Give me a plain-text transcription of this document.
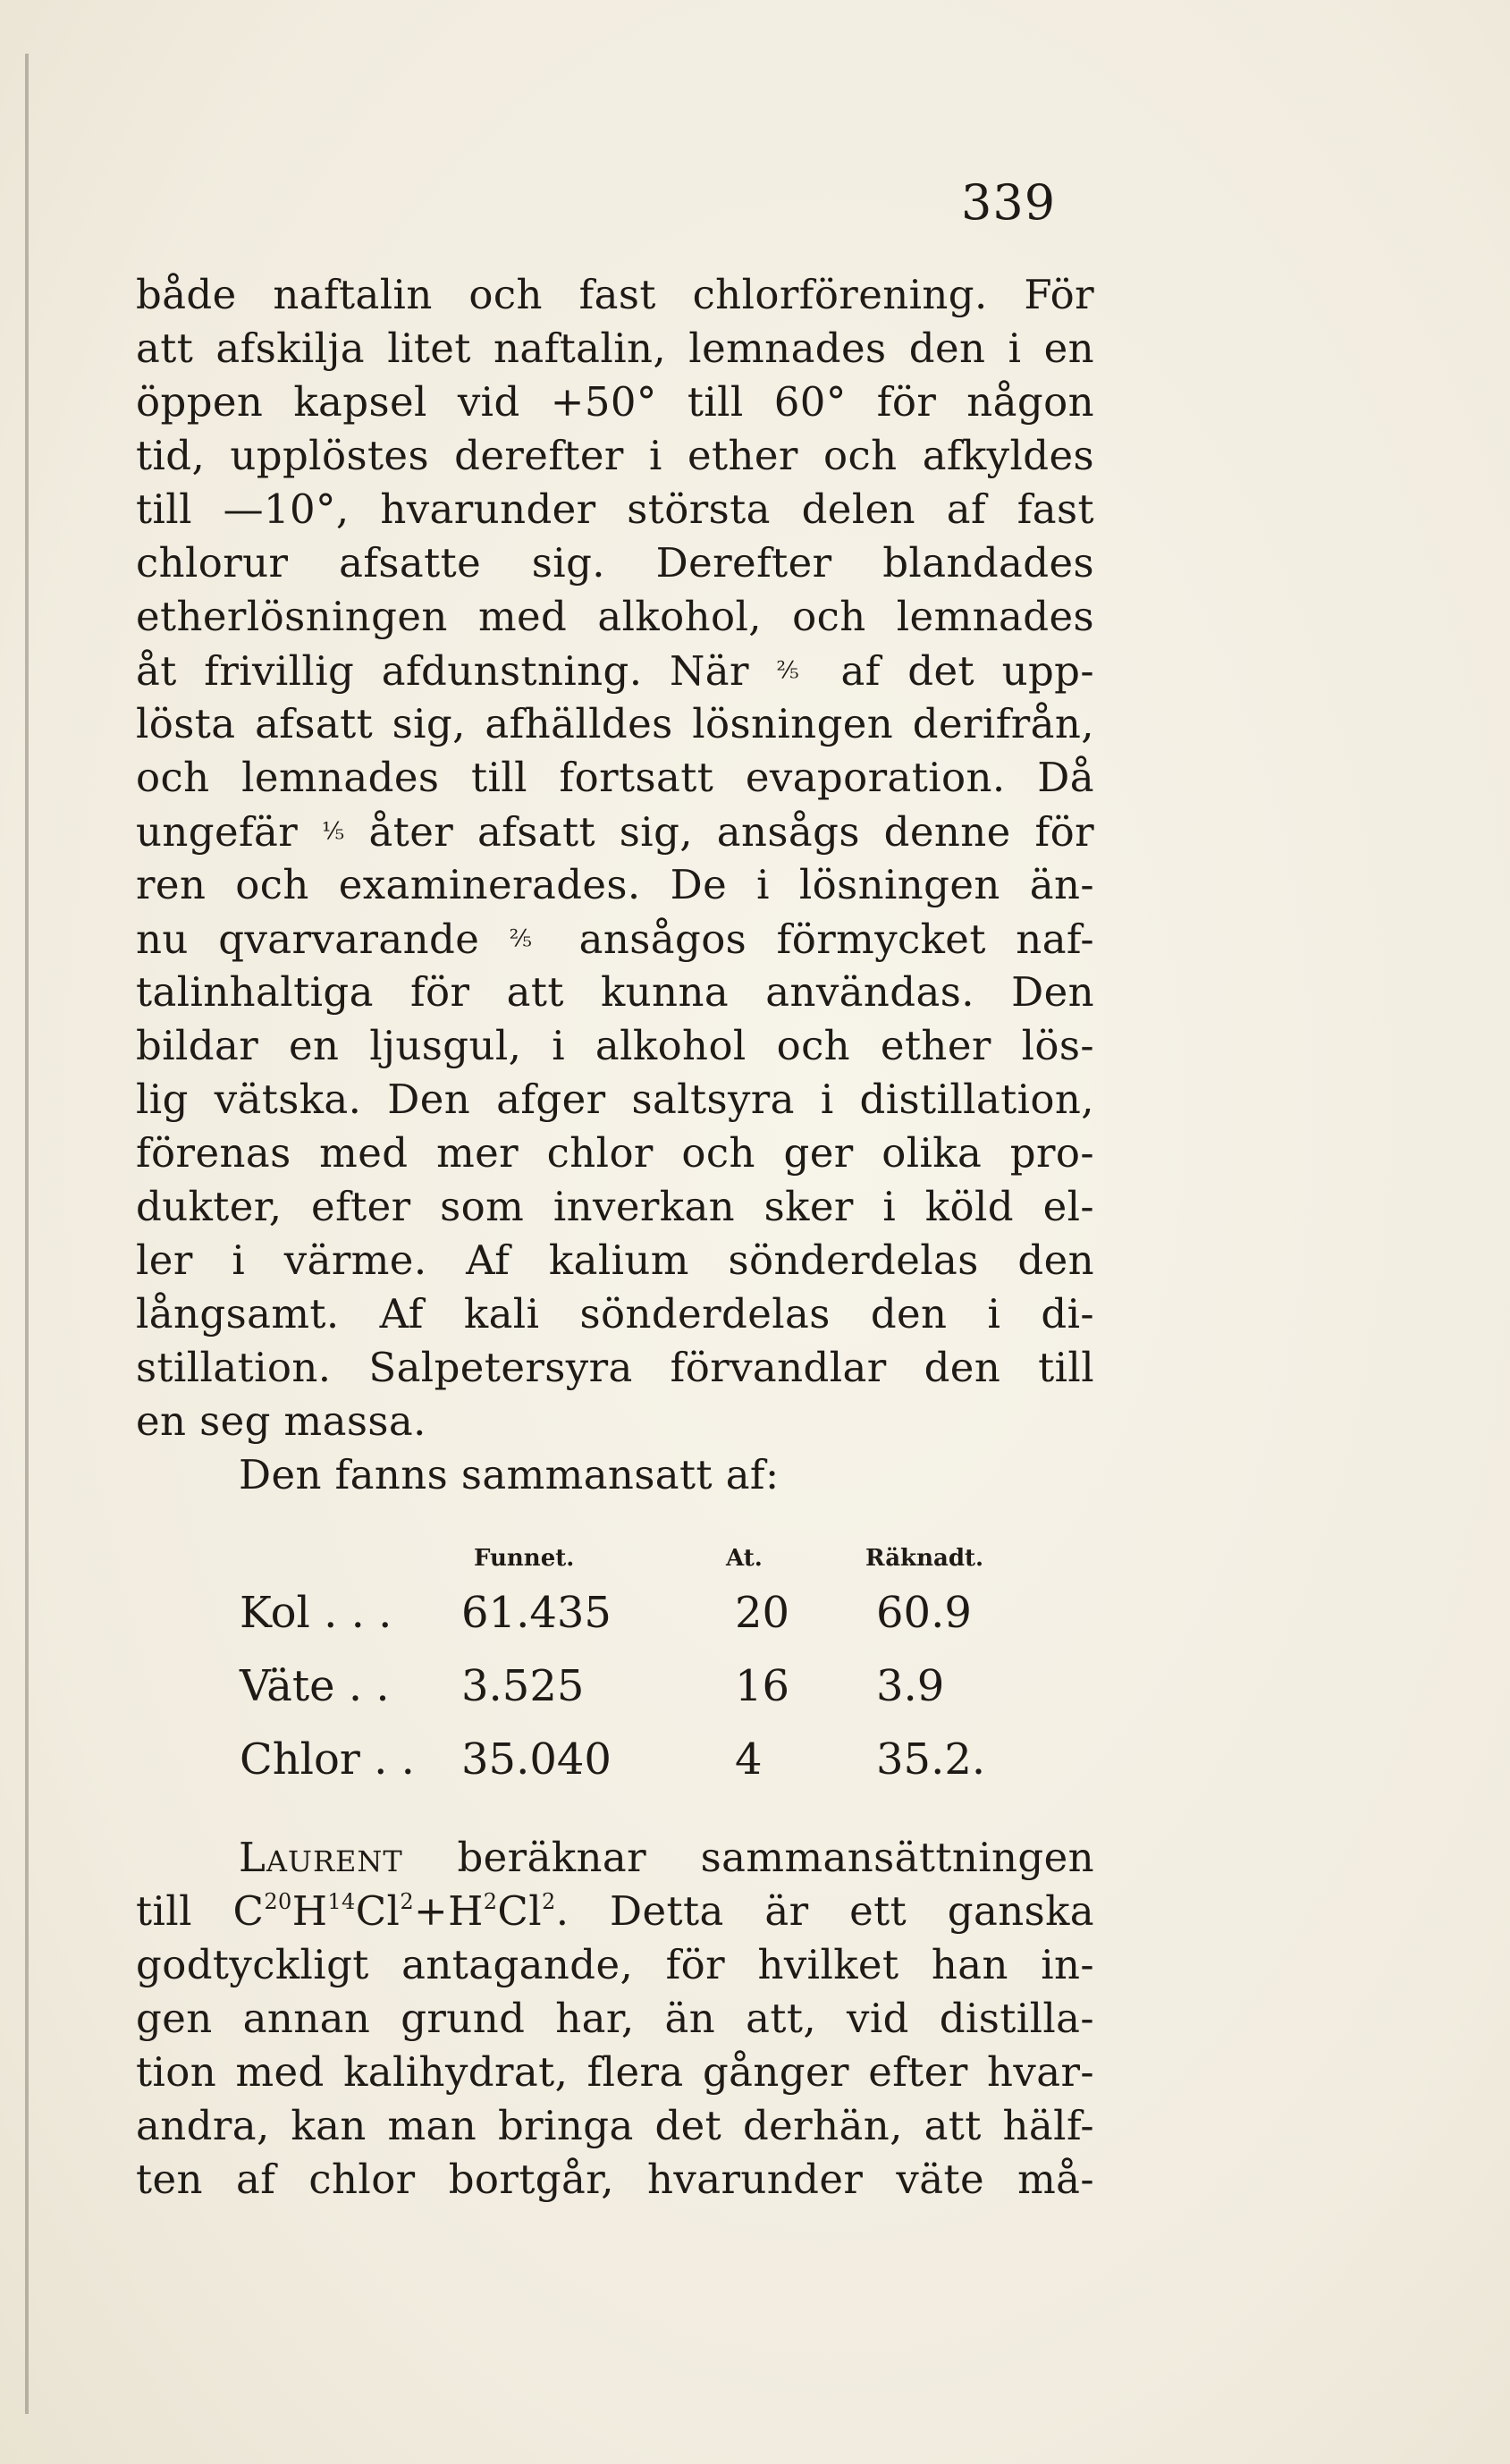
339
både naftalin och fast chlorförening. För
att afskilja litet naftalin, lemnades den i en
öppen kapsel vid +50° till 60° för någon
tid, upplöstes derefter i ether och afkyldes
till —10°, hvarunder största delen af fast
chlorur afsatte sig. Derefter blandades
etherlösningen med alkohol, och lemnades
åt frivillig afdunstning. När ⅖ af det upp-
lösta afsatt sig, afhälldes lösningen derifrån,
och lemnades till fortsatt evaporation. Då
ungefär ⅕ åter afsatt sig, ansågs denne för
ren och examinerades. De i lösningen än-
nu qvarvarande ⅖ ansågos förmycket naf-
talinhaltiga för att kunna användas. Den
bildar en ljusgul, i alkohol och ether lös-
lig vätska. Den afger saltsyra i distillation,
förenas med mer chlor och ger olika pro-
dukter, efter som inverkan sker i köld el-
ler i värme. Af kalium sönderdelas den
långsamt. Af kali sönderdelas den i di-
stillation. Salpetersyra förvandlar den till
en seg massa.
Den fanns sammansatt af:
Funnet.	At.	Räknadt.
Kol . . . 61.435	20 60.9
Väte . . 3.525	16 3.9
Chlor . . 35.040	4	35.2.
Laurent beräknar sammansättningen
till $C^{20}H^{14}Cl^2+H^2Cl^2$. Detta är ett ganska
godtyckligt antagande, för hvilket han in-
gen annan grund har, än att, vid distilla-
tion med kalihydrat, flera gånger efter hvar-
andra, kan man bringa det derhän, att hälf-
ten af chlor bortgår, hvarunder väte må-
